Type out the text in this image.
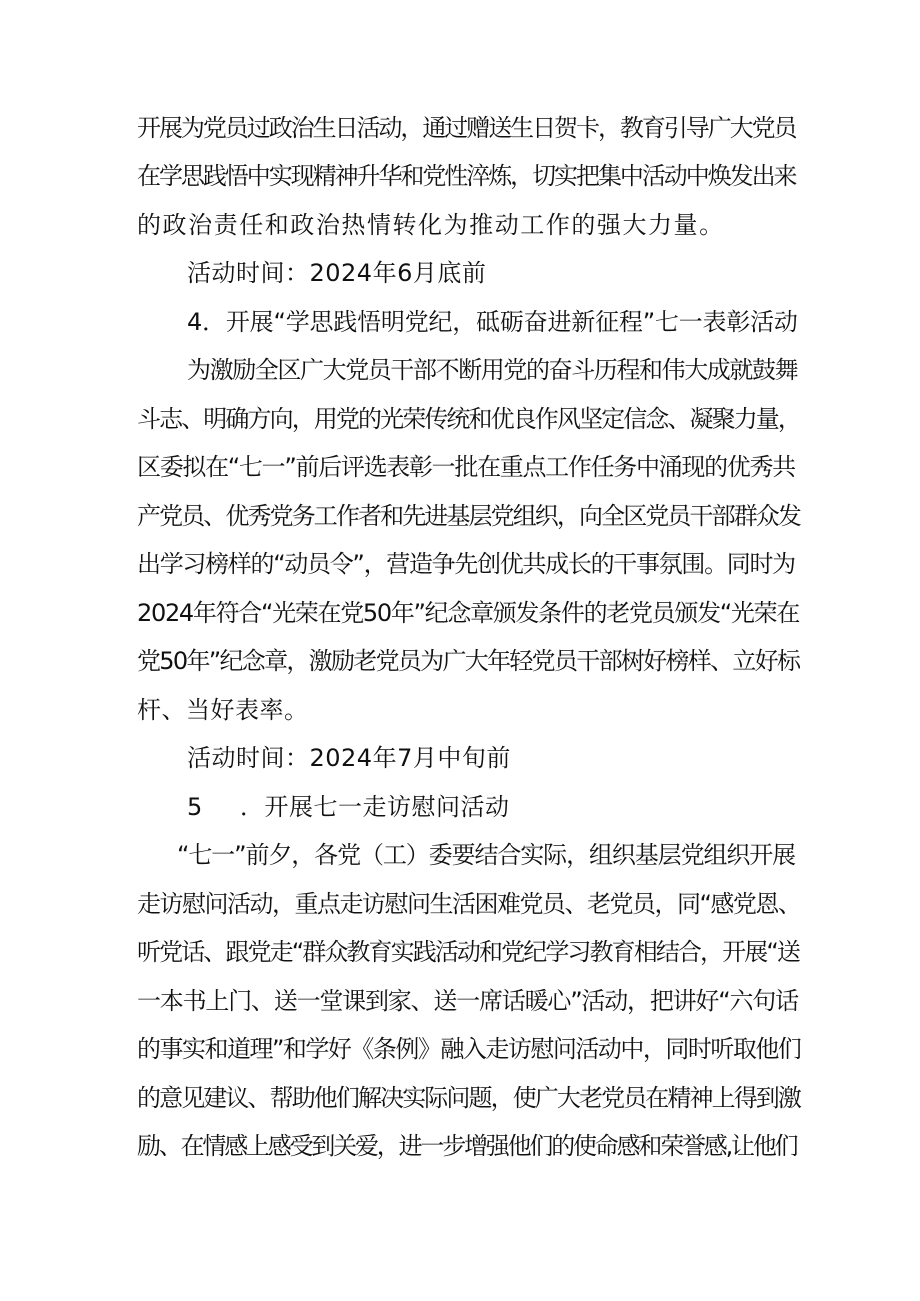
开展为党员过政治生日活动，通过赠送生日贺卡，教育引导广大党员
在学思践悟中实现精神升华和党性淬炼，切实把集中活动中焕发出来
的政治责任和政治热情转化为推动工作的强大力量。
活动时间：2024年6月底前
4．开展“学思践悟明党纪，砥砺奋进新征程”七一表彰活动
为激励全区广大党员干部不断用党的奋斗历程和伟大成就鼓舞
斗志、明确方向，用党的光荣传统和优良作风坚定信念、凝聚力量，
区委拟在“七一”前后评选表彰一批在重点工作任务中涌现的优秀共
产党员、优秀党务工作者和先进基层党组织，向全区党员干部群众发
出学习榜样的“动员令”，营造争先创优共成长的干事氛围。同时为
2024年符合“光荣在党50年”纪念章颁发条件的老党员颁发“光荣在
党50年”纪念章，激励老党员为广大年轻党员干部树好榜样、立好标
杆、当好表率。
活动时间：2024年7月中旬前
5 ．开展七一走访慰问活动
“七一”前夕，各党（工）委要结合实际，组织基层党组织开展
走访慰问活动，重点走访慰问生活困难党员、老党员，同“感党恩、
听党话、跟党走“群众教育实践活动和党纪学习教育相结合，开展“送
一本书上门、送一堂课到家、送一席话暖心”活动，把讲好“六句话
的事实和道理”和学好《条例》融入走访慰问活动中，同时听取他们
的意见建议、帮助他们解决实际问题，使广大老党员在精神上得到激
励、在情感上感受到关爱，进一步增强他们的使命感和荣誉感,让他们
